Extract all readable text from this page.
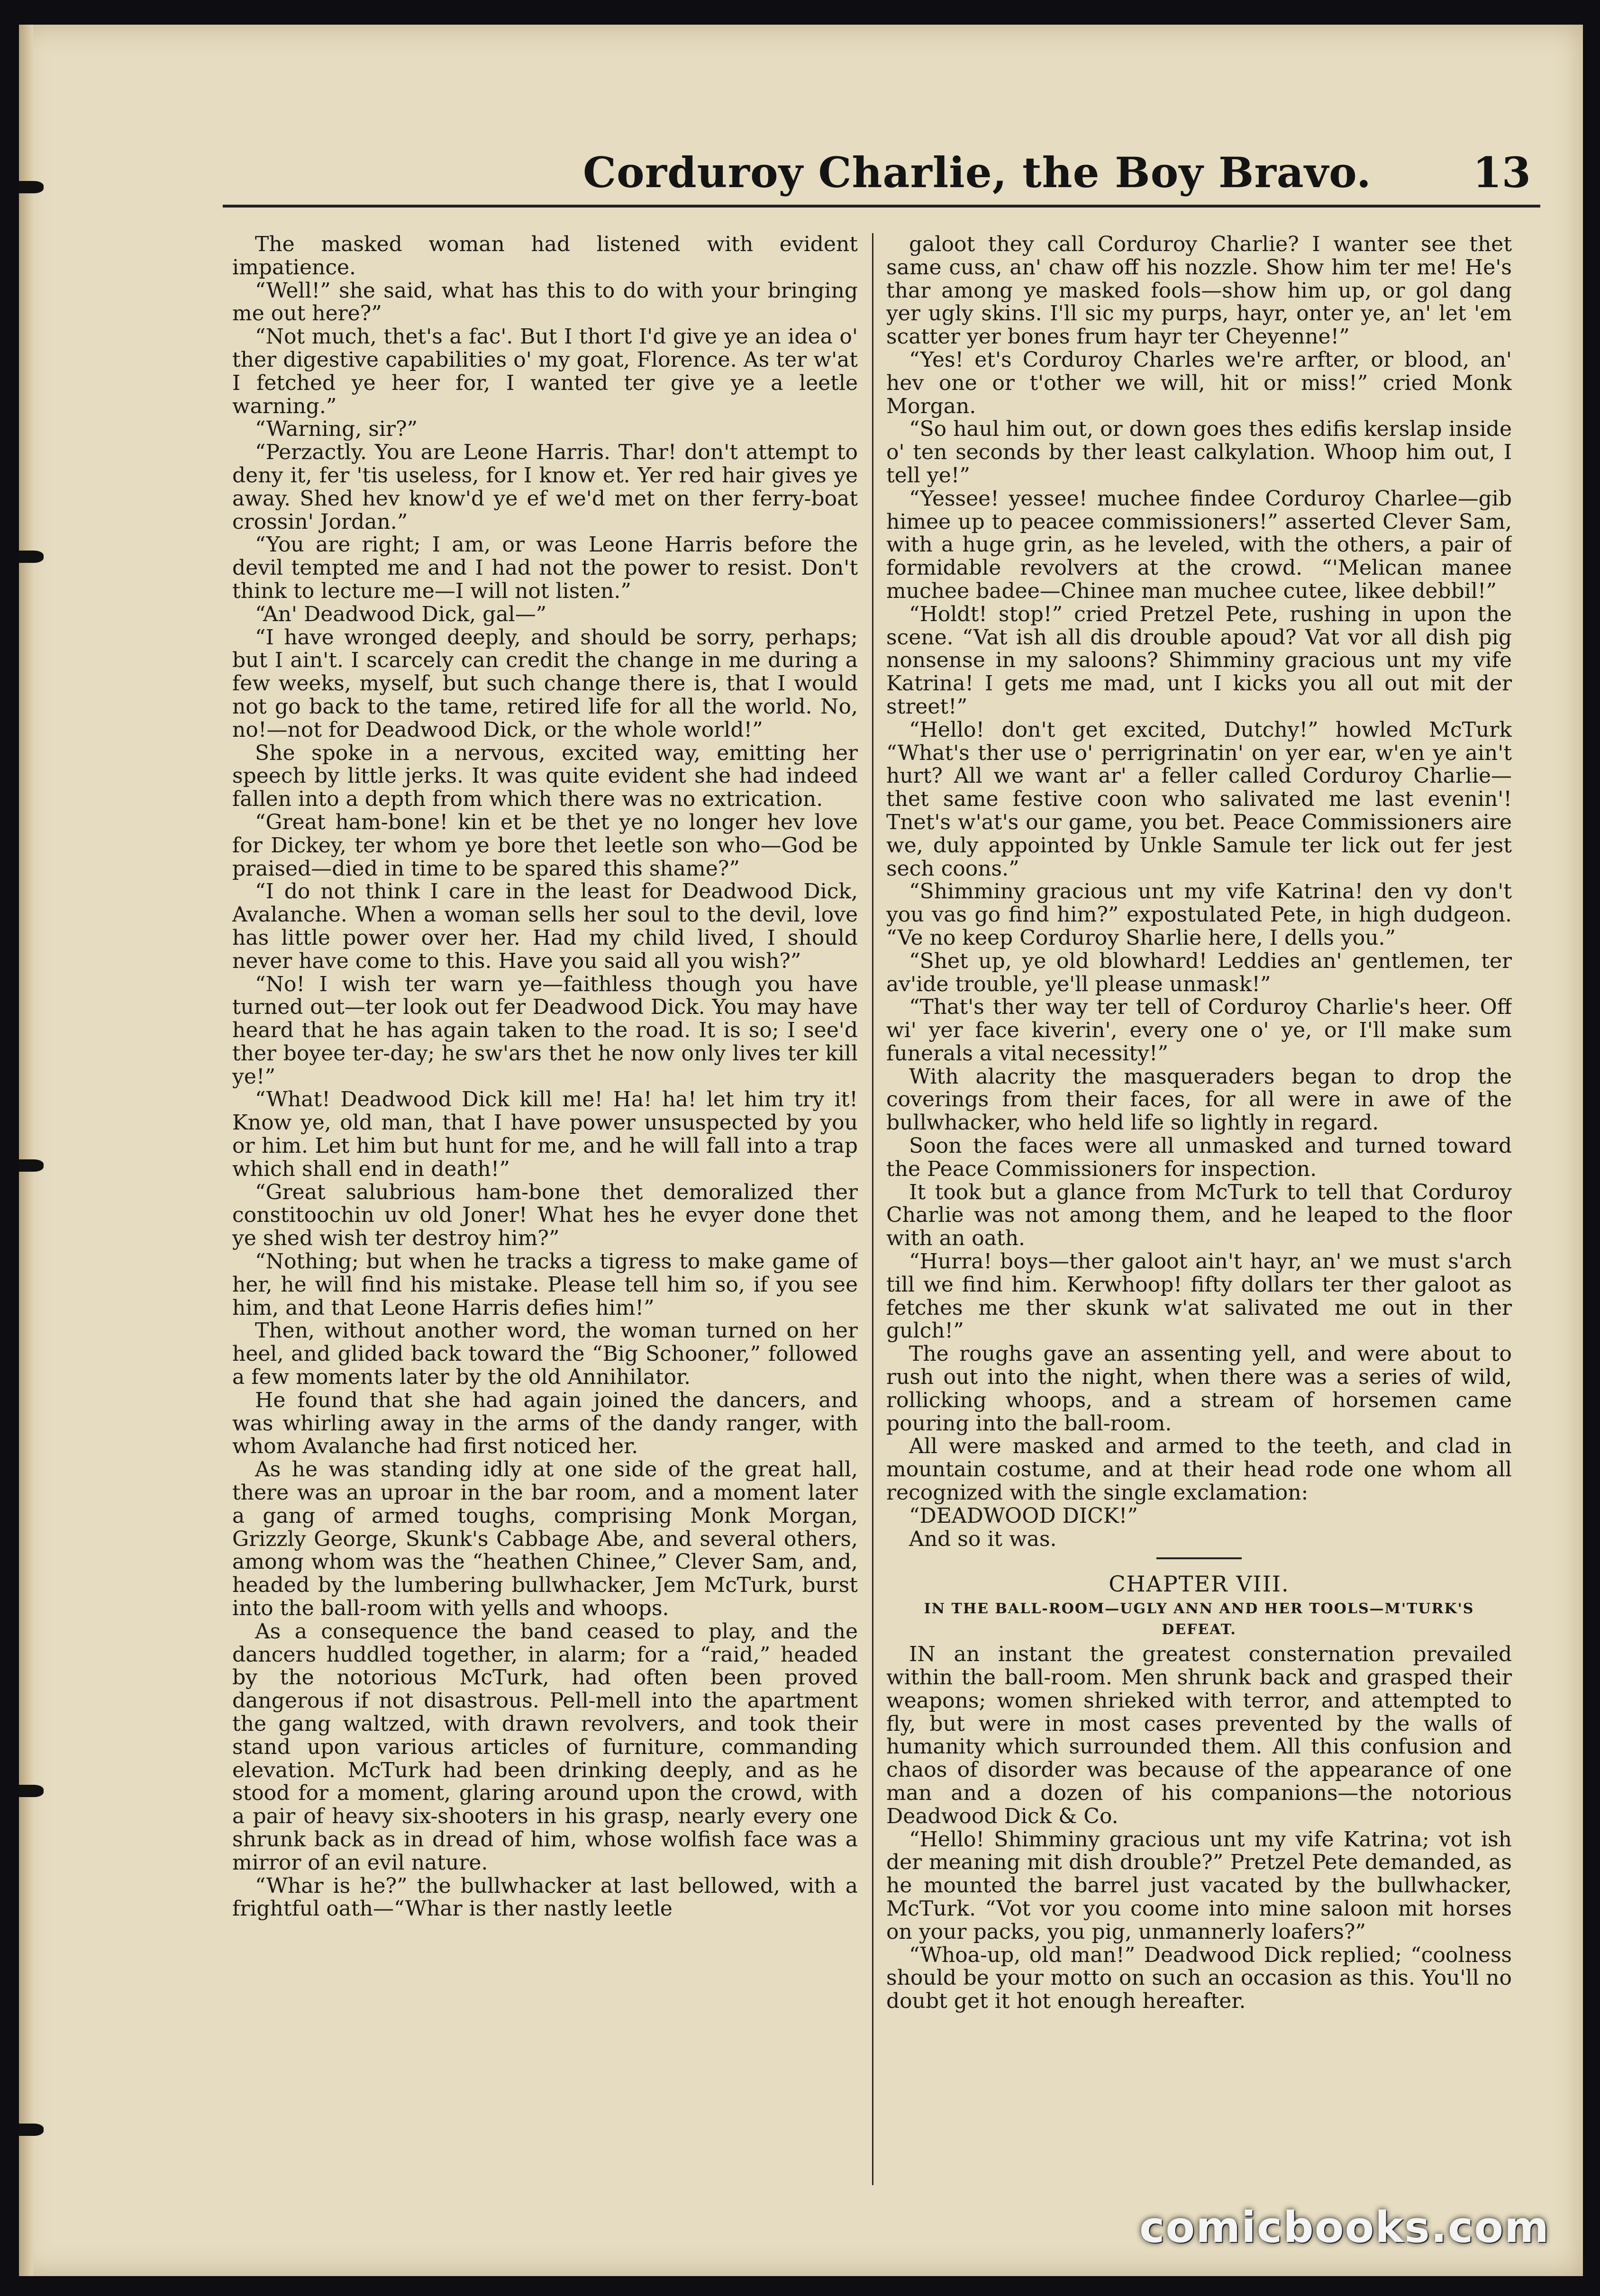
Corduroy Charlie, the Boy Bravo. 13

The masked woman had listened with evident impatience.

“Well!” she said, what has this to do with your bringing me out here?”

“Not much, thet's a fac'. But I thort I'd give ye an idea o' ther digestive capabilities o' my goat, Florence. As ter w'at I fetched ye heer for, I wanted ter give ye a leetle warning.”

“Warning, sir?”

“Perzactly. You are Leone Harris. Thar! don't attempt to deny it, fer 'tis useless, for I know et. Yer red hair gives ye away. Shed hev know'd ye ef we'd met on ther ferry-boat crossin' Jordan.”

“You are right; I am, or was Leone Harris before the devil tempted me and I had not the power to resist. Don't think to lecture me—I will not listen.”

“An' Deadwood Dick, gal—”

“I have wronged deeply, and should be sorry, perhaps; but I ain't. I scarcely can credit the change in me during a few weeks, myself, but such change there is, that I would not go back to the tame, retired life for all the world. No, no!—not for Deadwood Dick, or the whole world!”

She spoke in a nervous, excited way, emitting her speech by little jerks. It was quite evident she had indeed fallen into a depth from which there was no extrication.

“Great ham-bone! kin et be thet ye no longer hev love for Dickey, ter whom ye bore thet leetle son who—God be praised—died in time to be spared this shame?”

“I do not think I care in the least for Deadwood Dick, Avalanche. When a woman sells her soul to the devil, love has little power over her. Had my child lived, I should never have come to this. Have you said all you wish?”

“No! I wish ter warn ye—faithless though you have turned out—ter look out fer Deadwood Dick. You may have heard that he has again taken to the road. It is so; I see'd ther boyee ter-day; he sw'ars thet he now only lives ter kill ye!”

“What! Deadwood Dick kill me! Ha! ha! let him try it! Know ye, old man, that I have power unsuspected by you or him. Let him but hunt for me, and he will fall into a trap which shall end in death!”

“Great salubrious ham-bone thet demoralized ther constitoochin uv old Joner! What hes he evyer done thet ye shed wish ter destroy him?”

“Nothing; but when he tracks a tigress to make game of her, he will find his mistake. Please tell him so, if you see him, and that Leone Harris defies him!”

Then, without another word, the woman turned on her heel, and glided back toward the “Big Schooner,” followed a few moments later by the old Annihilator.

He found that she had again joined the dancers, and was whirling away in the arms of the dandy ranger, with whom Avalanche had first noticed her.

As he was standing idly at one side of the great hall, there was an uproar in the bar room, and a moment later a gang of armed toughs, comprising Monk Morgan, Grizzly George, Skunk's Cabbage Abe, and several others, among whom was the “heathen Chinee,” Clever Sam, and, headed by the lumbering bullwhacker, Jem McTurk, burst into the ball-room with yells and whoops.

As a consequence the band ceased to play, and the dancers huddled together, in alarm; for a “raid,” headed by the notorious McTurk, had often been proved dangerous if not disastrous. Pell-mell into the apartment the gang waltzed, with drawn revolvers, and took their stand upon various articles of furniture, commanding elevation. McTurk had been drinking deeply, and as he stood for a moment, glaring around upon the crowd, with a pair of heavy six-shooters in his grasp, nearly every one shrunk back as in dread of him, whose wolfish face was a mirror of an evil nature.

“Whar is he?” the bullwhacker at last bellowed, with a frightful oath—“Whar is ther nastly leetle

galoot they call Corduroy Charlie? I wanter see thet same cuss, an' chaw off his nozzle. Show him ter me! He's thar among ye masked fools—show him up, or gol dang yer ugly skins. I'll sic my purps, hayr, onter ye, an' let 'em scatter yer bones frum hayr ter Cheyenne!”

“Yes! et's Corduroy Charles we're arfter, or blood, an' hev one or t'other we will, hit or miss!” cried Monk Morgan.

“So haul him out, or down goes thes edifis kerslap inside o' ten seconds by ther least calkylation. Whoop him out, I tell ye!”

“Yessee! yessee! muchee findee Corduroy Charlee—gib himee up to peacee commissioners!” asserted Clever Sam, with a huge grin, as he leveled, with the others, a pair of formidable revolvers at the crowd. “'Melican manee muchee badee—Chinee man muchee cutee, likee debbil!”

“Holdt! stop!” cried Pretzel Pete, rushing in upon the scene. “Vat ish all dis drouble apoud? Vat vor all dish pig nonsense in my saloons? Shimminy gracious unt my vife Katrina! I gets me mad, unt I kicks you all out mit der street!”

“Hello! don't get excited, Dutchy!” howled McTurk “What's ther use o' perrigrinatin' on yer ear, w'en ye ain't hurt? All we want ar' a feller called Corduroy Charlie—thet same festive coon who salivated me last evenin'! Tnet's w'at's our game, you bet. Peace Commissioners aire we, duly appointed by Unkle Samule ter lick out fer jest sech coons.”

“Shimminy gracious unt my vife Katrina! den vy don't you vas go find him?” expostulated Pete, in high dudgeon. “Ve no keep Corduroy Sharlie here, I dells you.”

“Shet up, ye old blowhard! Leddies an' gentlemen, ter av'ide trouble, ye'll please unmask!”

“That's ther way ter tell of Corduroy Charlie's heer. Off wi' yer face kiverin', every one o' ye, or I'll make sum funerals a vital necessity!”

With alacrity the masqueraders began to drop the coverings from their faces, for all were in awe of the bullwhacker, who held life so lightly in regard.

Soon the faces were all unmasked and turned toward the Peace Commissioners for inspection.

It took but a glance from McTurk to tell that Corduroy Charlie was not among them, and he leaped to the floor with an oath.

“Hurra! boys—ther galoot ain't hayr, an' we must s'arch till we find him. Kerwhoop! fifty dollars ter ther galoot as fetches me ther skunk w'at salivated me out in ther gulch!”

The roughs gave an assenting yell, and were about to rush out into the night, when there was a series of wild, rollicking whoops, and a stream of horsemen came pouring into the ball-room.

All were masked and armed to the teeth, and clad in mountain costume, and at their head rode one whom all recognized with the single exclamation:

“DEADWOOD DICK!”

And so it was.

CHAPTER VIII.
IN THE BALL-ROOM—UGLY ANN AND HER TOOLS—M'TURK'S DEFEAT.

IN an instant the greatest consternation prevailed within the ball-room. Men shrunk back and grasped their weapons; women shrieked with terror, and attempted to fly, but were in most cases prevented by the walls of humanity which surrounded them. All this confusion and chaos of disorder was because of the appearance of one man and a dozen of his companions—the notorious Deadwood Dick & Co.

“Hello! Shimminy gracious unt my vife Katrina; vot ish der meaning mit dish drouble?” Pretzel Pete demanded, as he mounted the barrel just vacated by the bullwhacker, McTurk. “Vot vor you coome into mine saloon mit horses on your packs, you pig, unmannerly loafers?”

“Whoa-up, old man!” Deadwood Dick replied; “coolness should be your motto on such an occasion as this. You'll no doubt get it hot enough hereafter.

comicbooks.com
